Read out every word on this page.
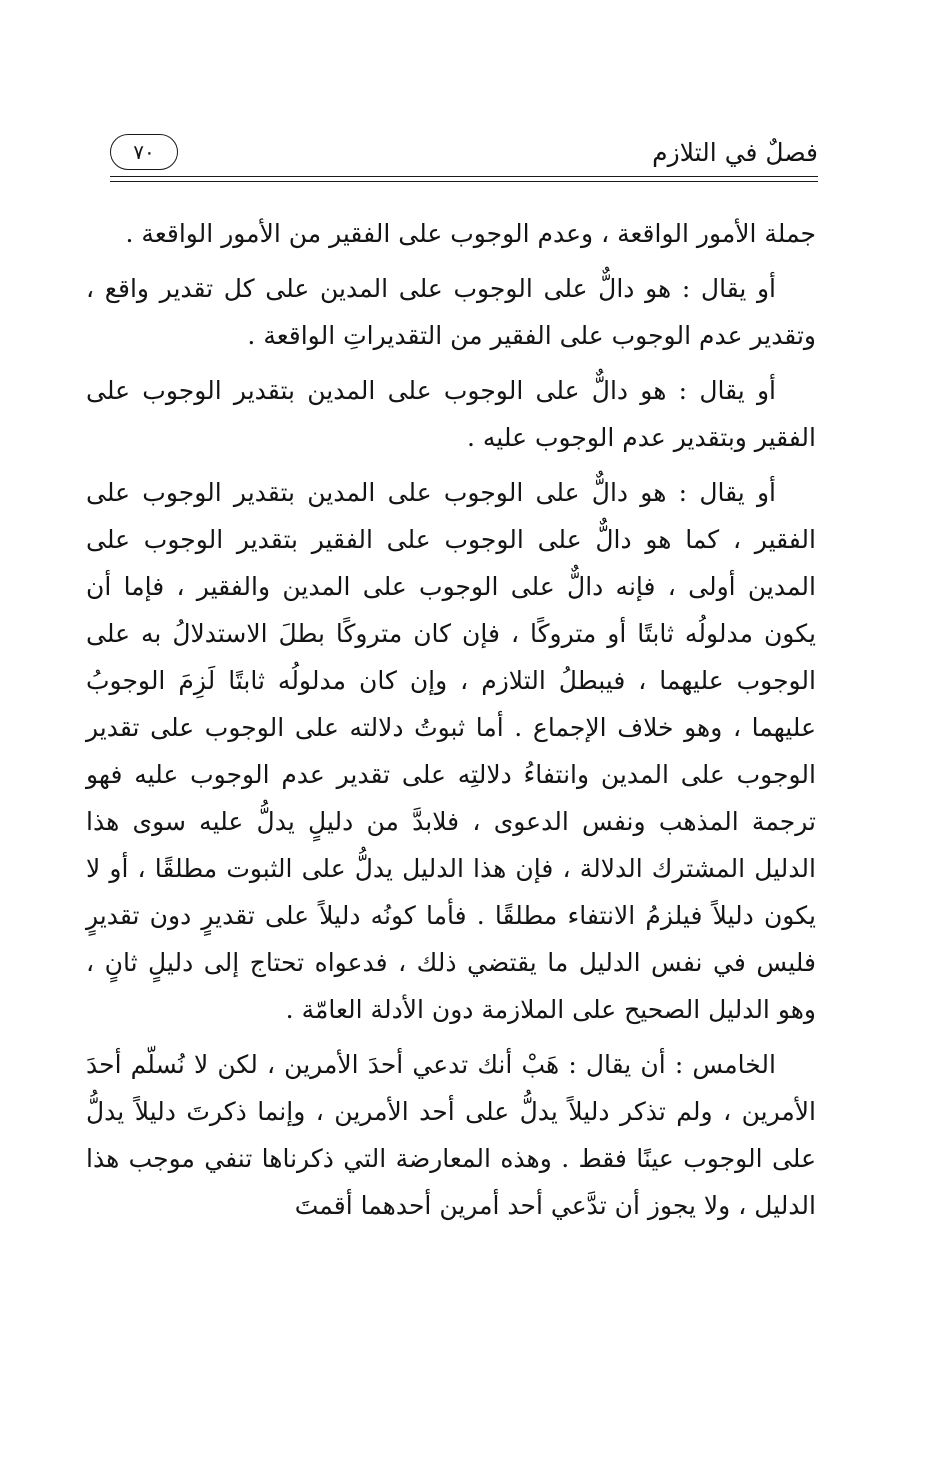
فصلٌ في التلازم
٧٠

جملة الأمور الواقعة ، وعدم الوجوب على الفقير من الأمور الواقعة .

أو يقال : هو دالٌّ على الوجوب على المدين على كل تقدير واقع ، وتقدير عدم الوجوب على الفقير من التقديراتِ الواقعة .

أو يقال : هو دالٌّ على الوجوب على المدين بتقدير الوجوب على الفقير وبتقدير عدم الوجوب عليه .

أو يقال : هو دالٌّ على الوجوب على المدين بتقدير الوجوب على الفقير ، كما هو دالٌّ على الوجوب على الفقير بتقدير الوجوب على المدين أولى ، فإنه دالٌّ على الوجوب على المدين والفقير ، فإما أن يكون مدلولُه ثابتًا أو متروكًا ، فإن كان متروكًا بطلَ الاستدلالُ به على الوجوب عليهما ، فيبطلُ التلازم ، وإن كان مدلولُه ثابتًا لَزِمَ الوجوبُ عليهما ، وهو خلاف الإجماع . أما ثبوتُ دلالته على الوجوب على تقدير الوجوب على المدين وانتفاءُ دلالتِه على تقدير عدم الوجوب عليه فهو ترجمة المذهب ونفس الدعوى ، فلابدَّ من دليلٍ يدلُّ عليه سوى هذا الدليل المشترك الدلالة ، فإن هذا الدليل يدلُّ على الثبوت مطلقًا ، أو لا يكون دليلاً فيلزمُ الانتفاء مطلقًا . فأما كونُه دليلاً على تقديرٍ دون تقديرٍ فليس في نفس الدليل ما يقتضي ذلك ، فدعواه تحتاج إلى دليلٍ ثانٍ ، وهو الدليل الصحيح على الملازمة دون الأدلة العامّة .

الخامس : أن يقال : هَبْ أنك تدعي أحدَ الأمرين ، لكن لا نُسلّم أحدَ الأمرين ، ولم تذكر دليلاً يدلُّ على أحد الأمرين ، وإنما ذكرتَ دليلاً يدلُّ على الوجوب عينًا فقط . وهذه المعارضة التي ذكرناها تنفي موجب هذا الدليل ، ولا يجوز أن تدَّعي أحد أمرين أحدهما أقمتَ
